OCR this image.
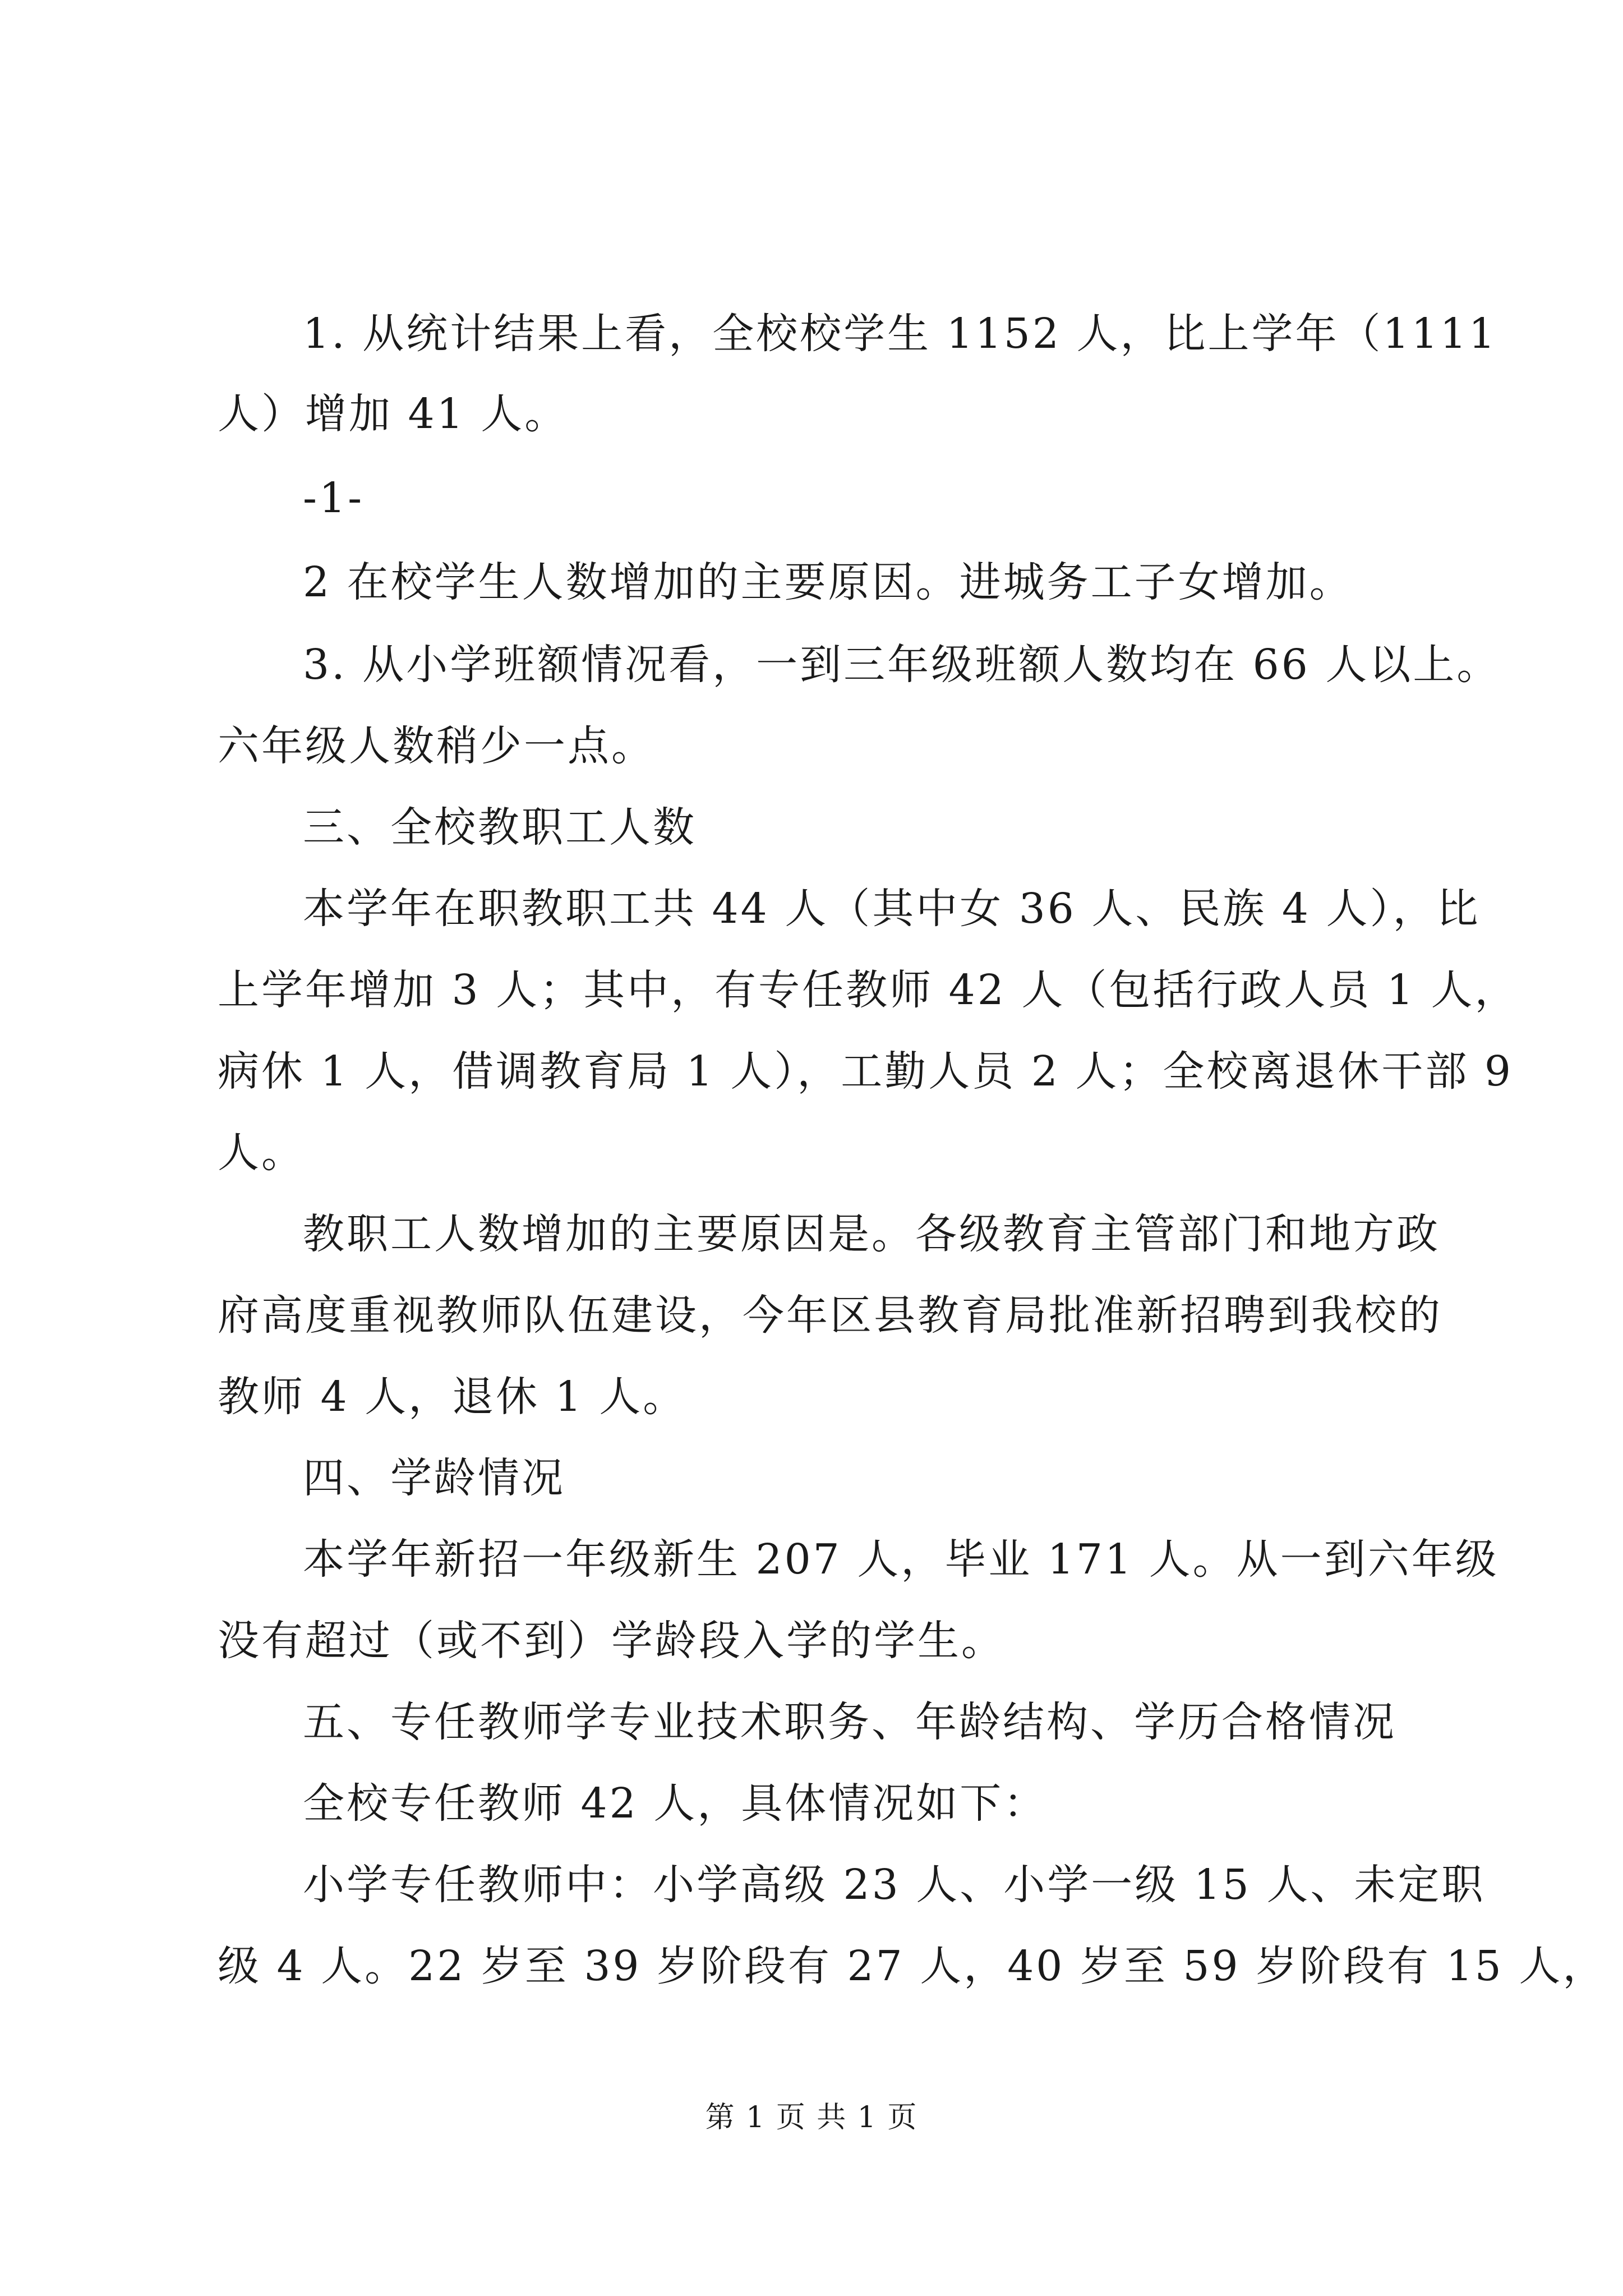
1. 从统计结果上看，全校校学生 1152 人，比上学年（1111

人）增加 41 人。

-1-

2 在校学生人数增加的主要原因。进城务工子女增加。

3. 从小学班额情况看，一到三年级班额人数均在 66 人以上。

六年级人数稍少一点。

三、全校教职工人数

本学年在职教职工共 44 人（其中女 36 人、民族 4 人），比

上学年增加 3 人；其中，有专任教师 42 人（包括行政人员 1 人，

病休 1 人，借调教育局 1 人），工勤人员 2 人；全校离退休干部 9

人。

教职工人数增加的主要原因是。各级教育主管部门和地方政

府高度重视教师队伍建设，今年区县教育局批准新招聘到我校的

教师 4 人，退休 1 人。

四、学龄情况

本学年新招一年级新生 207 人，毕业 171 人。从一到六年级

没有超过（或不到）学龄段入学的学生。

五、专任教师学专业技术职务、年龄结构、学历合格情况

全校专任教师 42 人，具体情况如下：

小学专任教师中：小学高级 23 人、小学一级 15 人、未定职

级 4 人。22 岁至 39 岁阶段有 27 人，40 岁至 59 岁阶段有 15 人，

第 1 页 共 1 页
